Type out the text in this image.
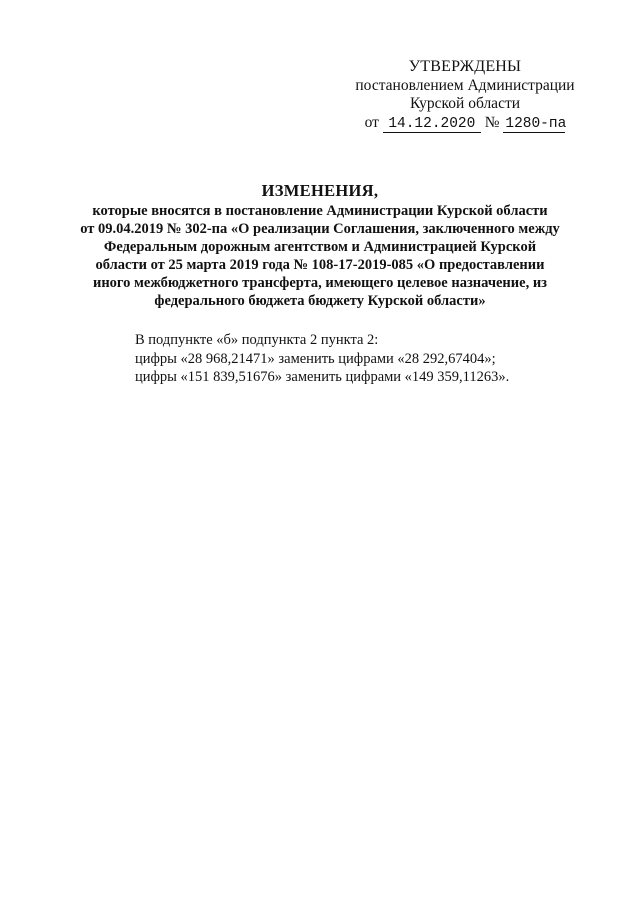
УТВЕРЖДЕНЫ
постановлением Администрации
Курской области
от 14.12.2020 № 1280-па
ИЗМЕНЕНИЯ,
которые вносятся в постановление Администрации Курской области
от 09.04.2019 № 302-па «О реализации Соглашения, заключенного между
Федеральным дорожным агентством и Администрацией Курской
области от 25 марта 2019 года № 108-17-2019-085 «О предоставлении
иного межбюджетного трансферта, имеющего целевое назначение, из
федерального бюджета бюджету Курской области»

В подпункте «б» подпункта 2 пункта 2:

цифры «28 968,21471» заменить цифрами «28 292,67404»;

цифры «151 839,51676» заменить цифрами «149 359,11263».
